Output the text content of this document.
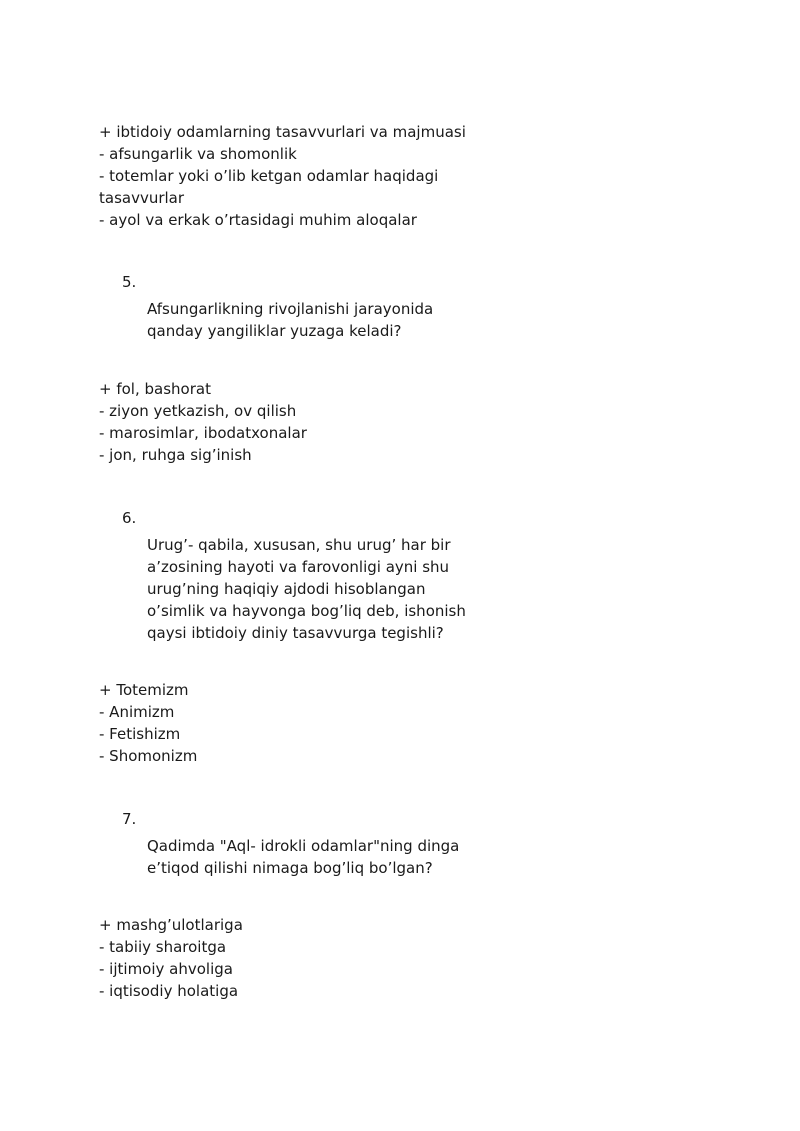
+ ibtidoiy odamlarning tasavvurlari va majmuasi
- afsungarlik va shomonlik
- totemlar yoki o’lib ketgan odamlar haqidagi tasavvurlar
- ayol va erkak o’rtasidagi muhim aloqalar
5.
Afsungarlikning rivojlanishi jarayonida qanday yangiliklar yuzaga keladi?
+ fol, bashorat
- ziyon yetkazish, ov qilish
- marosimlar, ibodatxonalar
- jon, ruhga sig’inish
6.
Urug’- qabila, xususan, shu urug’ har bir a’zosining hayoti va farovonligi ayni shu urug’ning haqiqiy ajdodi hisoblangan o’simlik va hayvonga bog’liq deb, ishonish qaysi ibtidoiy diniy tasavvurga tegishli?
+ Totemizm
- Animizm
- Fetishizm
- Shomonizm
7.
Qadimda "Aql- idrokli odamlar"ning dinga e’tiqod qilishi nimaga bog’liq bo’lgan?
+ mashg’ulotlariga
- tabiiy sharoitga
- ijtimoiy ahvoliga
- iqtisodiy holatiga
